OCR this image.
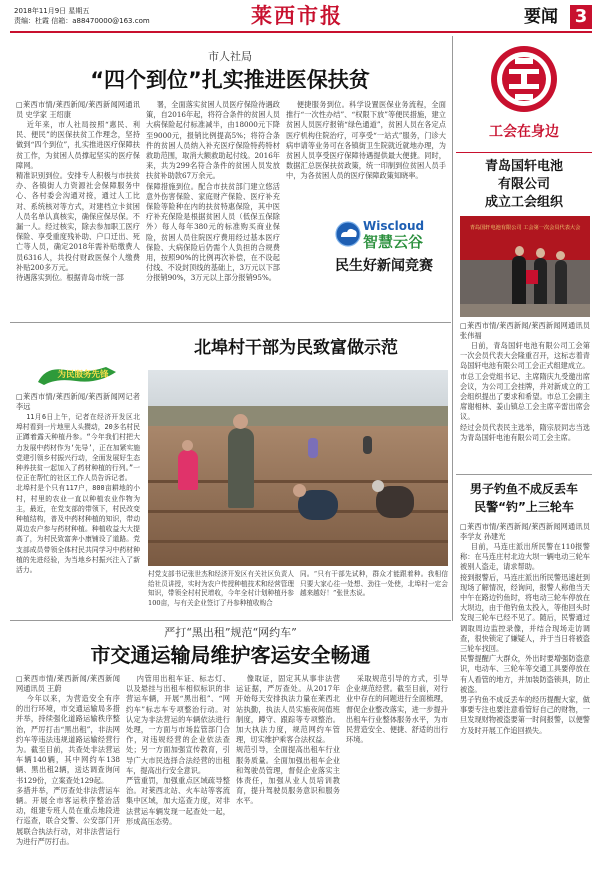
2018年11月9日 星期五
责编：杜霞 信箱：a88470000@163.com	莱西市报	要闻 3
市人社局
“四个到位”扎实推进医保扶贫
□莱西市情/莱西新闻/莱西新闻网通讯员 史学家 王绍康
近年来，市人社局按照“惠民、利民、便民”的医保扶贫工作理念，坚持做到“四个到位”，扎实推进医疗保障扶贫工作，为贫困人员撑起坚实的医疗保障网。
精准识别到位。安排专人积极与市扶贫办、各镇街人力资源社会保障服务中心、各村委会沟通对接，通过人工比对、系统核对等方式，对建档立卡贫困人员名单认真核实，确保应保尽保。不漏一人。经过核实，除去参加职工医疗保险、享受重度残补助、户口迁出、死亡等人员，确定2018年需补贴缴费人员6316人，共投付财政医保个人缴费补贴200多万元。
待遇落实到位。根据青岛市统一部
署，全面落实贫困人员医疗保险待遇政策，自2016年起，将符合条件的贫困人员大病保险起付标准减半，由18000元下降至9000元，报销比例提高5%；将符合条件的贫困人员纳入补充医疗保险特药特材救助范围，取消大额救助起付线。2016年来，共为299名符合条件的贫困人员发放扶贫补助款67万余元。
保障措施到位。配合市扶贫部门建立悠活意外伤害保险、家庭财产保险、医疗补充保险等险种在内的扶贫特惠保险，其中医疗补充保险是根据贫困人员（低保五保除外）每人每年380元的标准购买商业保险，贫困人员住院医疗费用经过基本医疗保险、大病保险后仍需个人负担的合规费用，按照90%的比例再次补偿，在不设起付线、不设封顶线的基础上，3万元以下部分报销90%，3万元以上部分报销95%。
便捷服务到位。科学设置医保业务流程，全面推行“一次性办结”、“权限下放”等便民措施，建立贫困人员医疗报销“绿色通道”，贫困人员在各定点医疗机构住院治疗，可享受“一站式”服务，门诊大病申请等业务可在各镇街卫生院就近就地办理，为贫困人员享受医疗保障待遇提供最大便捷。同时，数据汇总医保扶贫政策，统一印制到位贫困人员手中，为各贫困人员的医疗保障政策知晓率。
Wiscloud
智慧云谷
民生好新闻竞赛
工会在身边
青岛国轩电池
有限公司
成立工会组织
青岛国轩电池有限公司 工会第一次会员代表大会
□莱西市情/莱西新闻/莱西新闻网通讯员 张伟福
日前，青岛国轩电池有限公司工会第一次会员代表大会隆重召开，这标志着青岛国轩电池有限公司工会正式组建成立。
市总工会党组书记、主席隋庆九受邀出席会议，为公司工会挂牌，并对新成立的工会组织提出了要求和希望。市总工会副主席谢相林、姜山镇总工会主席辛雷出席会议。
经过会员代表民主选举，隋宗辰同志当选为青岛国轩电池有限公司工会主席。
男子钓鱼不成反丢车
民警“钓”上三轮车
□莱西市情/莱西新闻/莱西新闻网通讯员 李学友 孙建光
目前，马连庄派出所民警在110报警称：在马连庄村北边大坝一辆电动三轮车被别人盗走，请求帮助。
接到报警后，马连庄派出所民警迅速赶到现场了解情况，经询问，报警人称他当天中午在路边钓鱼时，将电动三轮车停放在大坝边，由于他钓鱼太投入，等他回头时发现三轮车已经不见了。随后，民警通过调取周边监控录像，并结合现场走访调查，很快锁定了嫌疑人，并于当日将被盗三轮车找回。
民警提醒广大群众，外出时要增强防盗意识，电动车、三轮车等交通工具要停放在有人看管的地方，并加装防盗锁具，防止被盗。
男子钓鱼不成反丢车的经历提醒大家，做事要专注也要注意看管好自己的财物，一旦发现财物被盗要第一时间报警，以便警方及时开展工作追回损失。
为民服务先锋
北埠村干部为民致富做示范
□莱西市情/莱西新闻/莱西新闻网记者 李远
11月6日上午，记者在经济开发区北埠村看到一片地里人头攒动，20多名村民正蹲着露天种植丹参。“今年我们村把大力发展中药材作为‘先导’，正在加紧实施党建引领乡村振兴行动，全面发展好生态种养扶贫一起加入了药材种植的行列。”一位正在帮忙的社区工作人员告诉记者。
北埠村是个只有117户，800亩耕地的小村，村里的农业一直以种植农业作物为主，最近，在党支部的带领下，村民改变种植结构，普及中药材种植的知识，带动周边农户参与药材种植。种植收益大大提高了，为村民致富奔小康铺设了道路。党支部成员带领全体村民共同学习中药材种植的先进经验，为当地乡村振兴注入了新活力。	村党支部书记张世杰和经济开发区有关社区负责人给社员讲授，实时为农户传授种植技术和经营管理知识，带领全村村民增收，今年全村计划种植丹参100亩，与有关企业签订了丹参种植收购合
同。“只有干部先试种，群众才能跟着种。我相信只要大家心往一处想、劲往一处使，北埠村一定会越来越好！”张世杰说。
严打“黑出租”规范“网约车”
市交通运输局维护客运安全畅通
□莱西市情/莱西新闻/莱西新闻网通讯员 王蔚
今年以来，为营造安全有序的出行环境，市交通运输局多措并举，持续强化道路运输秩序整治，严厉打击“黑出租”，非法网约车等违法违规道路运输经营行为。截至目前，共查处非法营运车辆140辆，其中网约车138辆、黑出租2辆，送达调查询问书129份，立案查处129起。
多措并举，严厉查处非法营运车辆。开展全市客运秩序整治活动，组建专班人员在重点地段进行巡查，联合交警、公安部门开展联合执法行动，对非法营运行为进行严厉打击。
内管用出租车证、标志灯、以及悬挂与出租车相似标识的非营运车辆，开展“黑出租”、“网约车”标志车专项整治行动。对认定为非法营运的车辆依法进行处理，一方面与市场监管部门合作，对违规经营的企业依法查处；另一方面加强宣传教育，引导广大市民选择合法经营的出租车，提高出行安全意识。
严管重罚，加强重点区域疏导整治。对莱西北站、火车站等客流集中区域，加大巡查力度，对非法营运车辆发现一起查处一起，形成高压态势。
像取证，固定其从事非法营运证据，严厉查处。从2017年开始每天安排执法力量在莱西北站执勤，执法人员实施夜间值班制度，蹲守、跟踪等专项整治。加大执法力度，规范网约车管理，切实维护乘客合法权益。
规范引导，全面提高出租车行业服务质量。全面加强出租车企业和驾驶员管理，督促企业落实主体责任，加强从业人员培训教育，提升驾驶员服务意识和服务水平。
采取规范引导的方式，引导企业规范经营。截至目前，对行业中存在的问题进行全面梳理，督促企业整改落实，进一步提升出租车行业整体服务水平，为市民营造安全、便捷、舒适的出行环境。
